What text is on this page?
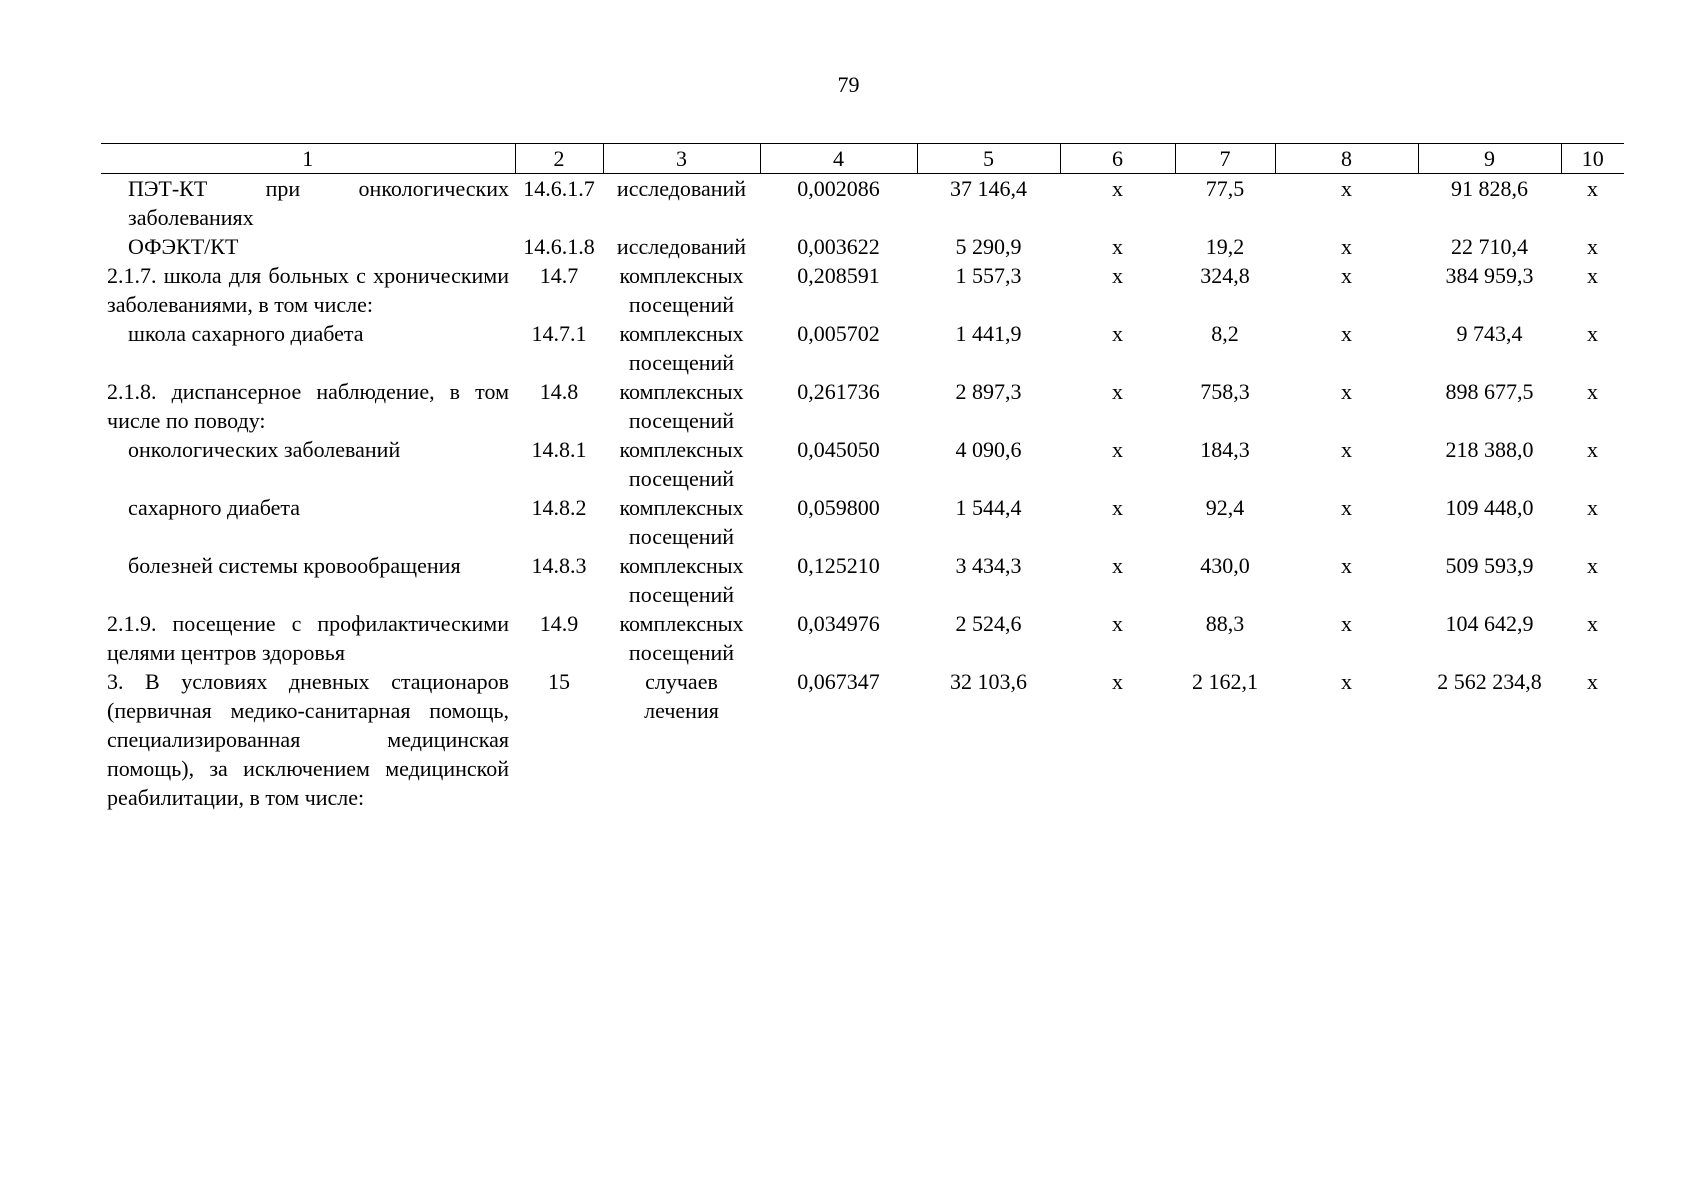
79
1	2	3	4	5	6	7	8	9	10
ПЭТ-КТ при онкологических заболеваниях	14.6.1.7	исследований	0,002086	37 146,4	х	77,5	х	91 828,6	х
ОФЭКТ/КТ	14.6.1.8	исследований	0,003622	5 290,9	х	19,2	х	22 710,4	х
2.1.7. школа для больных с хроническими заболеваниями, в том числе:	14.7	комплексных посещений	0,208591	1 557,3	х	324,8	х	384 959,3	х
школа сахарного диабета	14.7.1	комплексных посещений	0,005702	1 441,9	х	8,2	х	9 743,4	х
2.1.8. диспансерное наблюдение, в том числе по поводу:	14.8	комплексных посещений	0,261736	2 897,3	х	758,3	х	898 677,5	х
онкологических заболеваний	14.8.1	комплексных посещений	0,045050	4 090,6	х	184,3	х	218 388,0	х
сахарного диабета	14.8.2	комплексных посещений	0,059800	1 544,4	х	92,4	х	109 448,0	х
болезней системы кровообращения	14.8.3	комплексных посещений	0,125210	3 434,3	х	430,0	х	509 593,9	х
2.1.9. посещение с профилактическими целями центров здоровья	14.9	комплексных посещений	0,034976	2 524,6	х	88,3	х	104 642,9	х
3. В условиях дневных стационаров (первичная медико-санитарная помощь, специализированная медицинская помощь), за исключением медицинской реабилитации, в том числе:	15	случаев лечения	0,067347	32 103,6	х	2 162,1	х	2 562 234,8	х
